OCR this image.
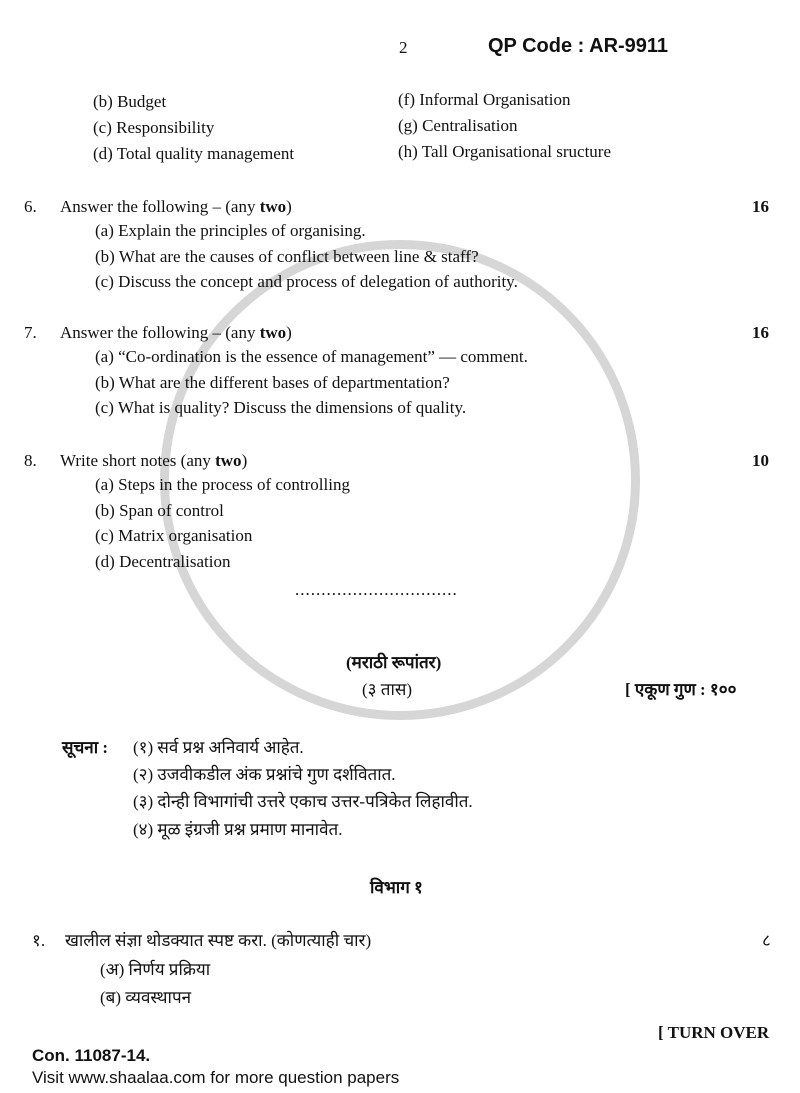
2	QP Code : AR-9911
(b) Budget
(c) Responsibility
(d) Total quality management
(f) Informal Organisation
(g) Centralisation
(h) Tall Organisational sructure
6. Answer the following – (any two)	16
(a) Explain the principles of organising.
(b) What are the causes of conflict between line & staff?
(c) Discuss the concept and process of delegation of authority.
7. Answer the following – (any two)	16
(a) “Co-ordination is the essence of management” — comment.
(b) What are the different bases of departmentation?
(c) What is quality? Discuss the dimensions of quality.
8. Write short notes (any two)	10
(a) Steps in the process of controlling
(b) Span of control
(c) Matrix organisation
(d) Decentralisation
...............................
(मराठी रूपांतर)
(३ तास)	[ एकूण गुण : १००
सूचना : (१) सर्व प्रश्न अनिवार्य आहेत.
(२) उजवीकडील अंक प्रश्नांचे गुण दर्शवितात.
(३) दोन्ही विभागांची उत्तरे एकाच उत्तर-पत्रिकेत लिहावीत.
(४) मूळ इंग्रजी प्रश्न प्रमाण मानावेत.
विभाग १
१. खालील संज्ञा थोडक्यात स्पष्ट करा. (कोणत्याही चार)	८
(अ) निर्णय प्रक्रिया
(ब) व्यवस्थापन
[ TURN OVER
Con. 11087-14.
Visit www.shaalaa.com for more question papers
